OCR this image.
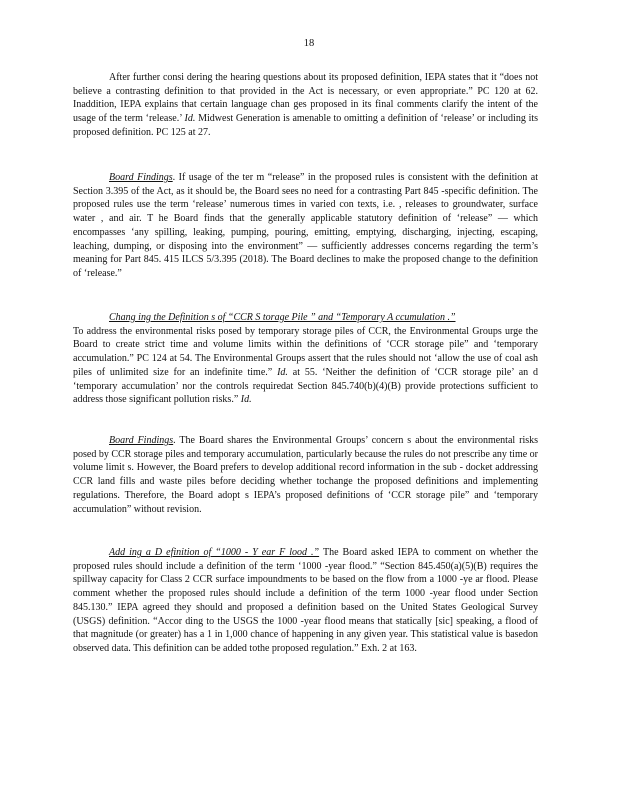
18

After further consi dering the hearing questions about its proposed definition, IEPA states that it “does not believe a contrasting definition to that provided in the Act is necessary, or even appropriate.” PC 120 at 62. Inaddition, IEPA explains that certain language chan ges proposed in its final comments clarify the intent of the usage of the term ‘release.’ Id. Midwest Generation is amenable to omitting a definition of ‘release’ or including its proposed definition. PC 125 at 27.

Board Findings. If usage of the ter m “release” in the proposed rules is consistent with the definition at Section 3.395 of the Act, as it should be, the Board sees no need for a contrasting Part 845 -specific definition. The proposed rules use the term ‘release’ numerous times in varied con texts, i.e. , releases to groundwater, surface water , and air. T he Board finds that the generally applicable statutory definition of ‘release” — which encompasses ‘any spilling, leaking, pumping, pouring, emitting, emptying, discharging, injecting, escaping, leaching, dumping, or disposing into the environment” — sufficiently addresses concerns regarding the term’s meaning for Part 845. 415 ILCS 5/3.395 (2018). The Board declines to make the proposed change to the definition of ‘release.”

Chang ing the Definition s of “CCR S torage Pile ” and “Temporary A ccumulation .”
To address the environmental risks posed by temporary storage piles of CCR, the Environmental Groups urge the Board to create strict time and volume limits within the definitions of ‘CCR storage pile” and ‘temporary accumulation.” PC 124 at 54. The Environmental Groups assert that the rules should not ‘allow the use of coal ash piles of unlimited size for an indefinite time.” Id. at 55. ‘Neither the definition of ‘CCR storage pile’ an d ‘temporary accumulation’ nor the controls requiredat Section 845.740(b)(4)(B) provide protections sufficient to address those significant pollution risks.” Id.

Board Findings. The Board shares the Environmental Groups’ concern s about the environmental risks posed by CCR storage piles and temporary accumulation, particularly because the rules do not prescribe any time or volume limit s. However, the Board prefers to develop additional record information in the sub - docket addressing CCR land fills and waste piles before deciding whether tochange the proposed definitions and implementing regulations. Therefore, the Board adopt s IEPA’s proposed definitions of ‘CCR storage pile” and ‘temporary accumulation” without revision.

Add ing a D efinition of “1000 - Y ear F lood .” The Board asked IEPA to comment on whether the proposed rules should include a definition of the term ‘1000 -year flood.” “Section 845.450(a)(5)(B) requires the spillway capacity for Class 2 CCR surface impoundments to be based on the flow from a 1000 -ye ar flood. Please comment whether the proposed rules should include a definition of the term 1000 -year flood under Section 845.130.” IEPA agreed they should and proposed a definition based on the United States Geological Survey (USGS) definition. “Accor ding to the USGS the 1000 -year flood means that statically [sic] speaking, a flood of that magnitude (or greater) has a 1 in 1,000 chance of happening in any given year. This statistical value is basedon observed data. This definition can be added tothe proposed regulation.” Exh. 2 at 163.
